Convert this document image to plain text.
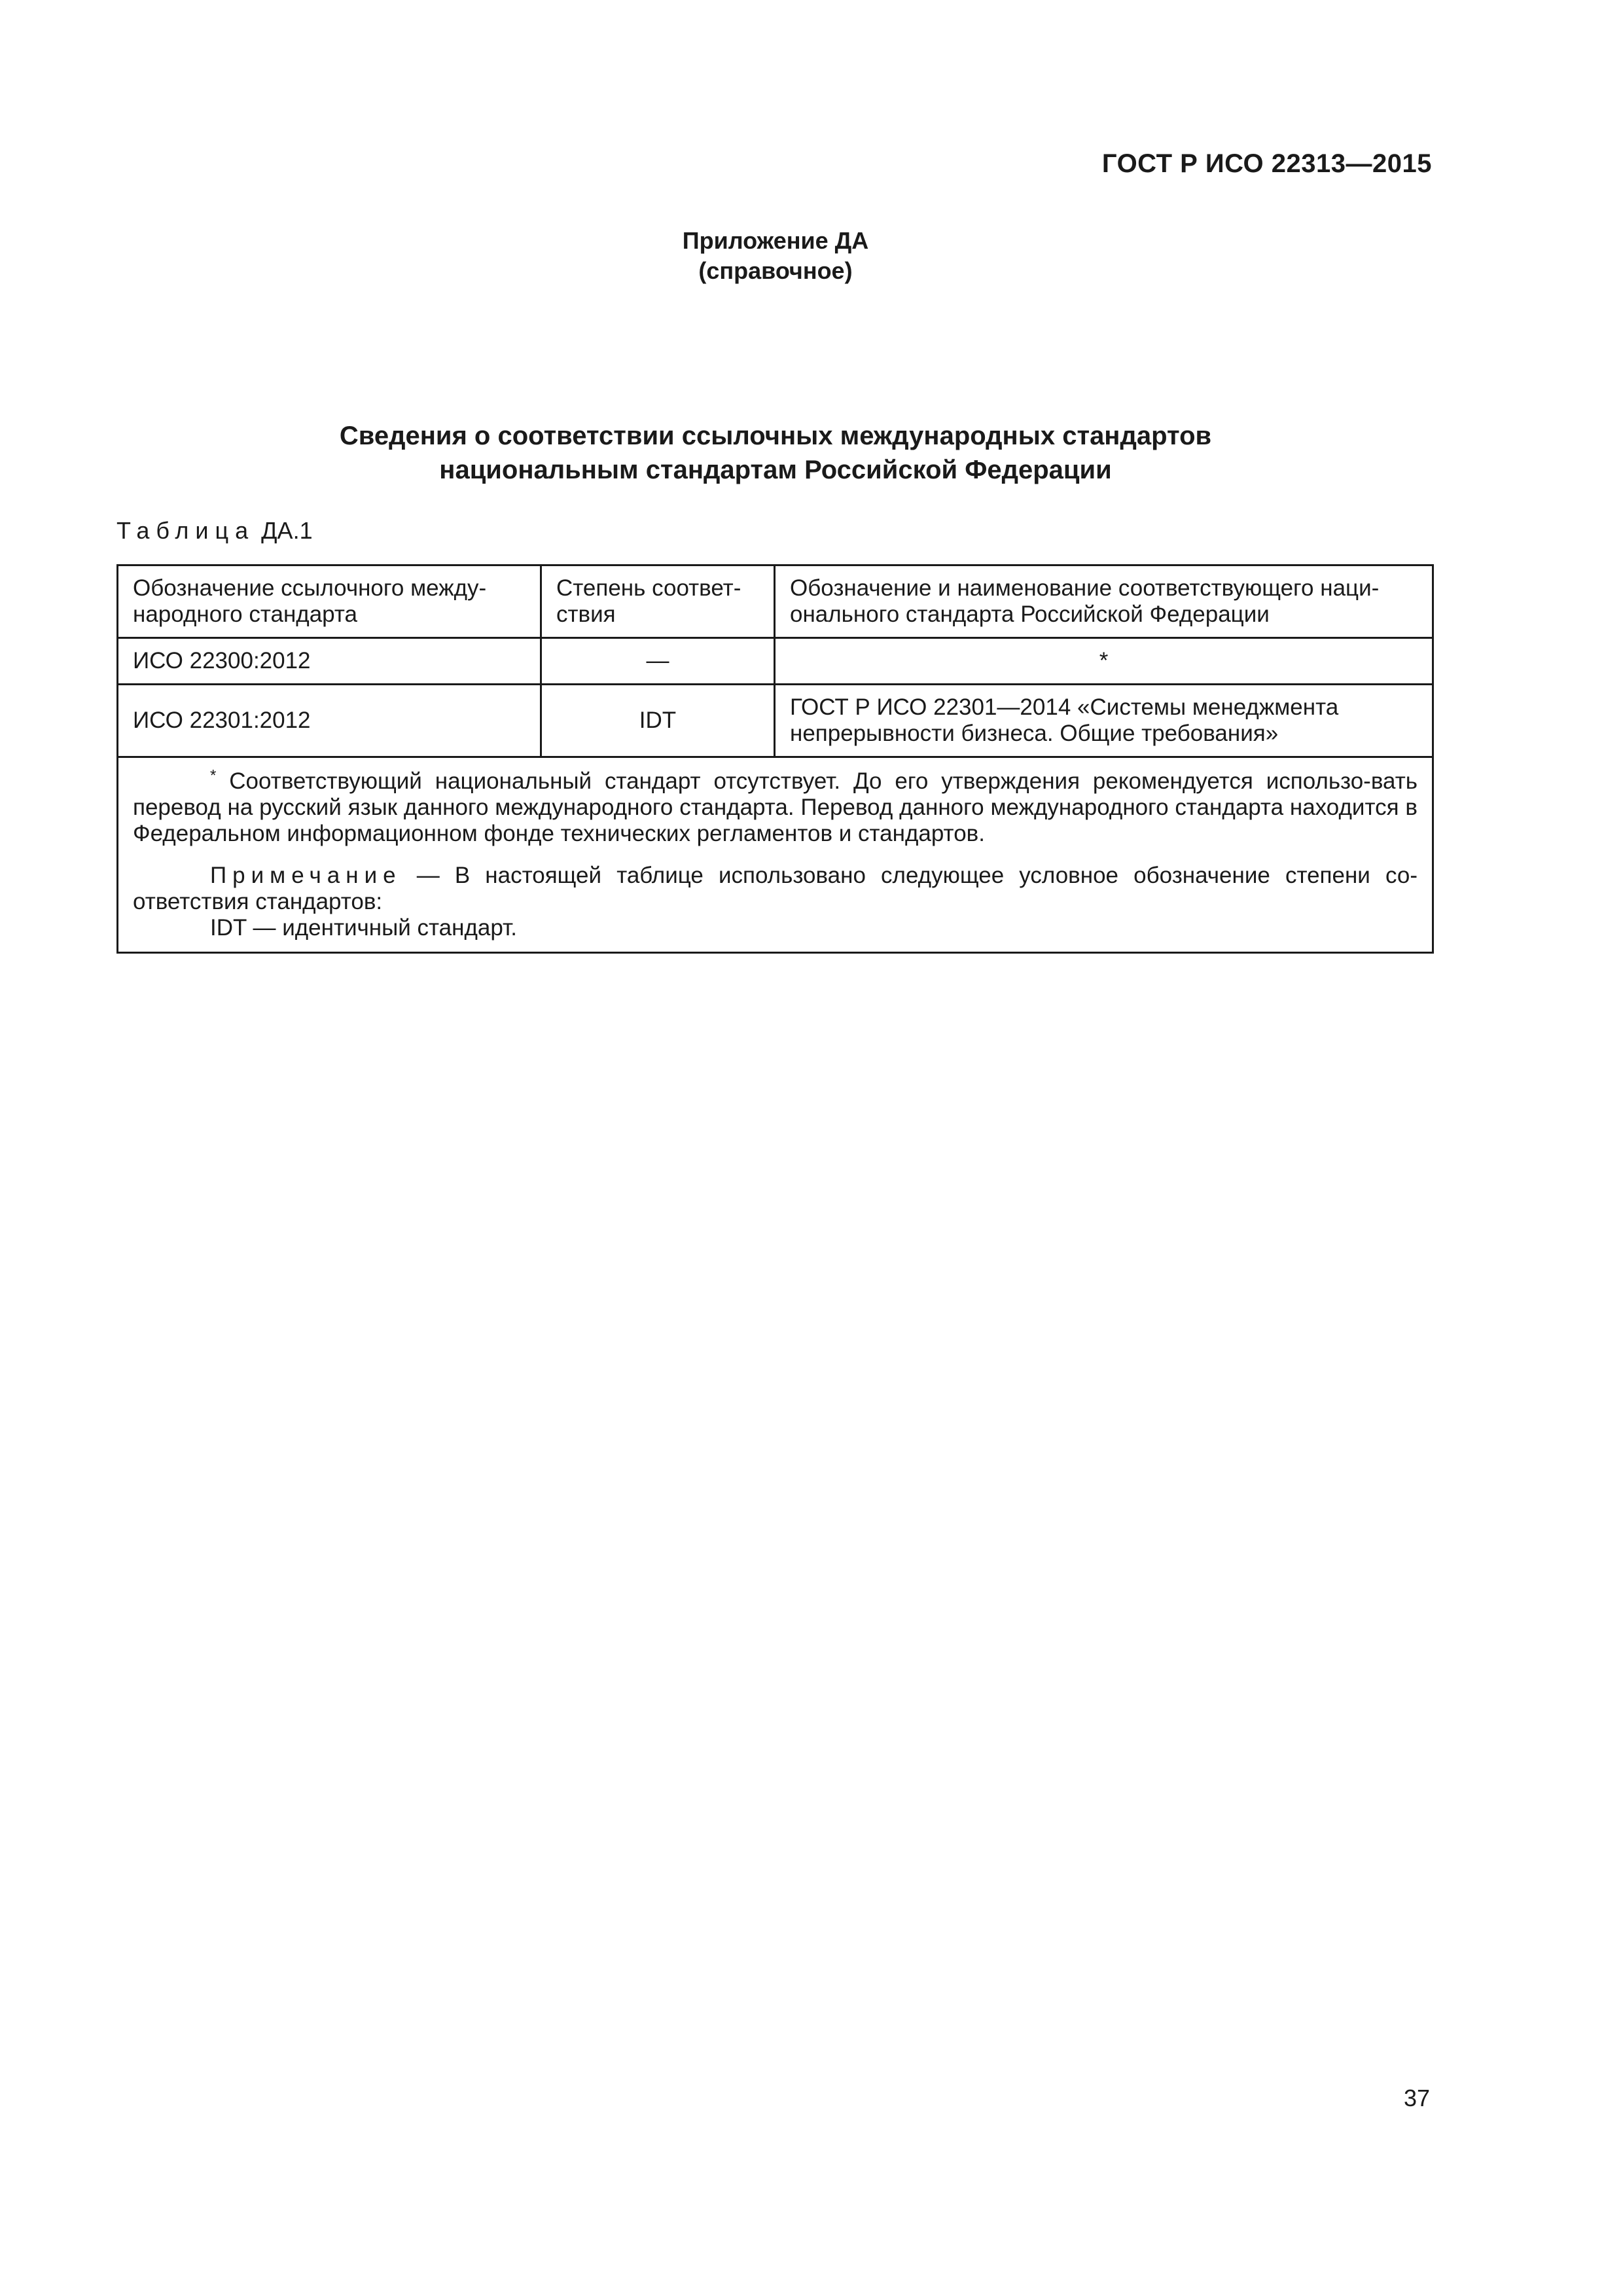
ГОСТ Р ИСО 22313—2015
Приложение ДА
(справочное)
Сведения о соответствии ссылочных международных стандартов
национальным стандартам Российской Федерации
Таблица ДА.1
Обозначение ссылочного между-народного стандарта	Степень соответ-ствия	Обозначение и наименование соответствующего наци-онального стандарта Российской Федерации
ИСО 22300:2012	—	*
ИСО 22301:2012	IDT	ГОСТ Р ИСО 22301—2014 «Системы менеджмента непрерывности бизнеса. Общие требования»

* Соответствующий национальный стандарт отсутствует. До его утверждения рекомендуется использо-вать перевод на русский язык данного международного стандарта. Перевод данного международного стандарта находится в Федеральном информационном фонде технических регламентов и стандартов.

Примечание — В настоящей таблице использовано следующее условное обозначение степени со-ответствия стандартов:

IDT — идентичный стандарт.		

37
